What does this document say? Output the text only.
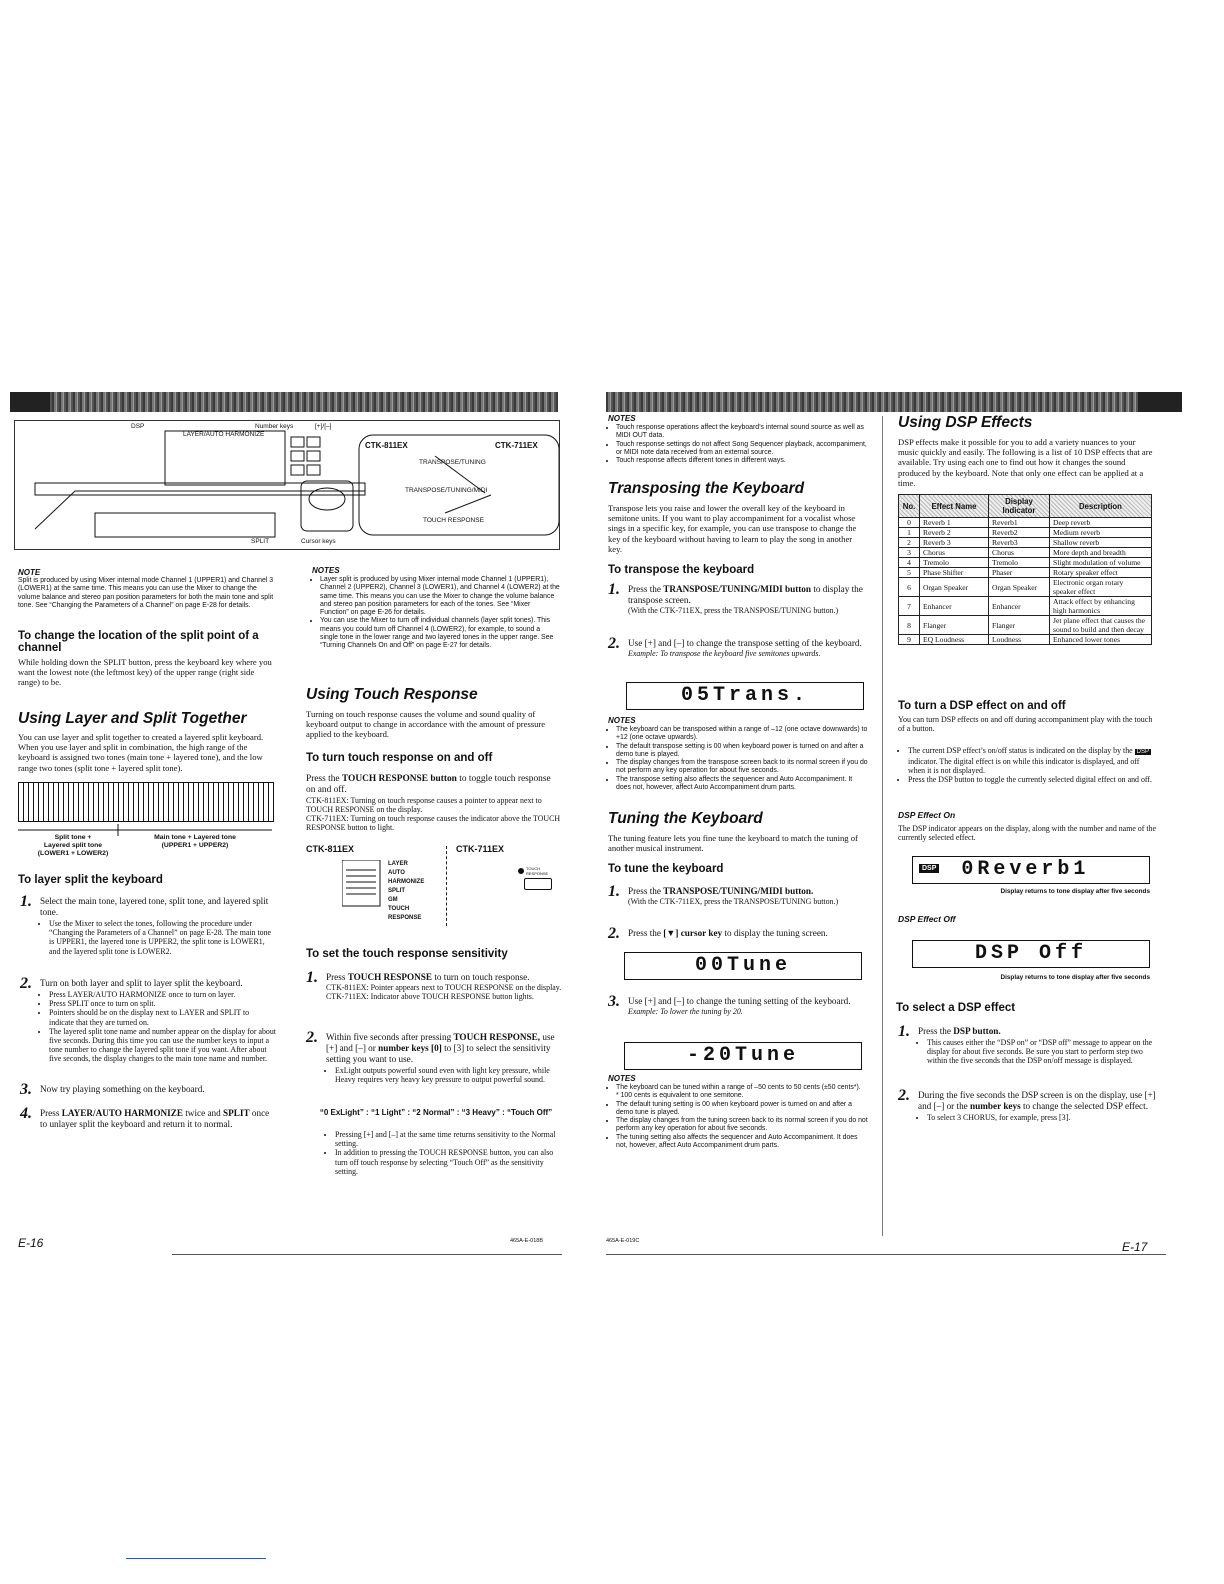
DSP
LAYER/AUTO HARMONIZE
Number keys	[+]/[–]
SPLIT	Cursor keys
CTK-811EX	CTK-711EX
TRANSPOSE/TUNING
TRANSPOSE/TUNING/MIDI
TOUCH RESPONSE
NOTE

Split is produced by using Mixer internal mode Channel 1 (UPPER1) and Channel 3 (LOWER1) at the same time. This means you can use the Mixer to change the volume balance and stereo pan position parameters for both the main tone and split tone. See “Changing the Parameters of a Channel” on page E-28 for details.

To change the location of the split point of a channel

While holding down the SPLIT button, press the keyboard key where you want the lowest note (the leftmost key) of the upper range (right side range) to be.

Using Layer and Split Together

You can use layer and split together to created a layered split keyboard. When you use layer and split in combination, the high range of the keyboard is assigned two tones (main tone + layered tone), and the low range two tones (split tone + layered split tone).

Split tone +
Layered split tone
(LOWER1 + LOWER2)
Main tone + Layered tone
(UPPER1 + UPPER2)
To layer split the keyboard
1. Select the main tone, layered tone, split tone, and layered split tone.
• Use the Mixer to select the tones, following the procedure under “Changing the Parameters of a Channel” on page E-28. The main tone is UPPER1, the layered tone is UPPER2, the split tone is LOWER1, and the layered split tone is LOWER2.
2. Turn on both layer and split to layer split the keyboard.
• Press LAYER/AUTO HARMONIZE once to turn on layer.
• Press SPLIT once to turn on split.
• Pointers should be on the display next to LAYER and SPLIT to indicate that they are turned on.
• The layered split tone name and number appear on the display for about five seconds. During this time you can use the number keys to input a tone number to change the layered split tone if you want. After about five seconds, the display changes to the main tone name and number.
3. Now try playing something on the keyboard.
4. Press LAYER/AUTO HARMONIZE twice and SPLIT once to unlayer split the keyboard and return it to normal.
E-16
NOTES
• Layer split is produced by using Mixer internal mode Channel 1 (UPPER1), Channel 2 (UPPER2), Channel 3 (LOWER1), and Channel 4 (LOWER2) at the same time. This means you can use the Mixer to change the volume balance and stereo pan position parameters for each of the tones. See “Mixer Function” on page E-26 for details.
• You can use the Mixer to turn off individual channels (layer split tones). This means you could turn off Channel 4 (LOWER2), for example, to sound a single tone in the lower range and two layered tones in the upper range. See “Turning Channels On and Off” on page E-27 for details.
Using Touch Response

Turning on touch response causes the volume and sound quality of keyboard output to change in accordance with the amount of pressure applied to the keyboard.

To turn touch response on and off

Press the TOUCH RESPONSE button to toggle touch response on and off.

CTK-811EX: Turning on touch response causes a pointer to appear next to TOUCH RESPONSE on the display.

CTK-711EX: Turning on touch response causes the indicator above the TOUCH RESPONSE button to light.

CTK-811EX	CTK-711EX
LAYER
AUTO
HARMONIZE
SPLIT
GM
TOUCH
RESPONSE
TOUCH RESPONSE
To set the touch response sensitivity
1. Press TOUCH RESPONSE to turn on touch response.
CTK-811EX: Pointer appears next to TOUCH RESPONSE on the display.
CTK-711EX: Indicator above TOUCH RESPONSE button lights.
2. Within five seconds after pressing TOUCH RESPONSE, use [+] and [–] or number keys [0] to [3] to select the sensitivity setting you want to use.
• ExLight outputs powerful sound even with light key pressure, while Heavy requires very heavy key pressure to output powerful sound.
“0 ExLight” : “1 Light” : “2 Normal” : “3 Heavy” : “Touch Off”
• Pressing [+] and [–] at the same time returns sensitivity to the Normal setting.
• In addition to pressing the TOUCH RESPONSE button, you can also turn off touch response by selecting “Touch Off” as the sensitivity setting.
465A-E-018B
NOTES
• Touch response operations affect the keyboard’s internal sound source as well as MIDI OUT data.
• Touch response settings do not affect Song Sequencer playback, accompaniment, or MIDI note data received from an external source.
• Touch response affects different tones in different ways.
Transposing the Keyboard

Transpose lets you raise and lower the overall key of the keyboard in semitone units. If you want to play accompaniment for a vocalist whose sings in a specific key, for example, you can use transpose to change the key of the keyboard without having to learn to play the song in another key.

To transpose the keyboard
1. Press the TRANSPOSE/TUNING/MIDI button to display the transpose screen.
(With the CTK-711EX, press the TRANSPOSE/TUNING button.)
2. Use [+] and [–] to change the transpose setting of the keyboard.
Example: To transpose the keyboard five semitones upwards.
05Trans.
NOTES
• The keyboard can be transposed within a range of –12 (one octave downwards) to +12 (one octave upwards).
• The default transpose setting is 00 when keyboard power is turned on and after a demo tune is played.
• The display changes from the transpose screen back to its normal screen if you do not perform any key operation for about five seconds.
• The transpose setting also affects the sequencer and Auto Accompaniment. It does not, however, affect Auto Accompaniment drum parts.
Tuning the Keyboard

The tuning feature lets you fine tune the keyboard to match the tuning of another musical instrument.

To tune the keyboard
1. Press the TRANSPOSE/TUNING/MIDI button.
(With the CTK-711EX, press the TRANSPOSE/TUNING button.)
2. Press the [▼] cursor key to display the tuning screen.
00Tune
3. Use [+] and [–] to change the tuning setting of the keyboard.
Example: To lower the tuning by 20.
-20Tune
NOTES
• The keyboard can be tuned within a range of –50 cents to 50 cents (±50 cents*).
* 100 cents is equivalent to one semitone.
• The default tuning setting is 00 when keyboard power is turned on and after a demo tune is played.
• The display changes from the tuning screen back to its normal screen if you do not perform any key operation for about five seconds.
• The tuning setting also affects the sequencer and Auto Accompaniment. It does not, however, affect Auto Accompaniment drum parts.
465A-E-019C
Using DSP Effects

DSP effects make it possible for you to add a variety nuances to your music quickly and easily. The following is a list of 10 DSP effects that are available. Try using each one to find out how it changes the sound produced by the keyboard. Note that only one effect can be applied at a time.

No.	Effect Name	Display Indicator	Description
0	Reverb 1	Reverb1	Deep reverb
1	Reverb 2	Reverb2	Medium reverb
2	Reverb 3	Reverb3	Shallow reverb
3	Chorus	Chorus	More depth and breadth
4	Tremolo	Tremolo	Slight modulation of volume
5	Phase Shifter	Phaser	Rotary speaker effect
6	Organ Speaker	Organ Speaker	Electronic organ rotary speaker effect
7	Enhancer	Enhancer	Attack effect by enhancing high harmonics
8	Flanger	Flanger	Jet plane effect that causes the sound to build and then decay
9	EQ Loudness	Loudness	Enhanced lower tones
To turn a DSP effect on and off

You can turn DSP effects on and off during accompaniment play with the touch of a button.

• The current DSP effect’s on/off status is indicated on the display by the DSP indicator. The digital effect is on while this indicator is displayed, and off when it is not displayed.
• Press the DSP button to toggle the currently selected digital effect on and off.
DSP Effect On

The DSP indicator appears on the display, along with the number and name of the currently selected effect.

DSP 0Reverb1
Display returns to tone display after five seconds
DSP Effect Off
DSP Off
Display returns to tone display after five seconds
To select a DSP effect
1. Press the DSP button.
• This causes either the “DSP on” or “DSP off” message to appear on the display for about five seconds. Be sure you start to perform step two within the five seconds that the DSP on/off message is displayed.
2. During the five seconds the DSP screen is on the display, use [+] and [–] or the number keys to change the selected DSP effect.
• To select 3 CHORUS, for example, press [3].
E-17
